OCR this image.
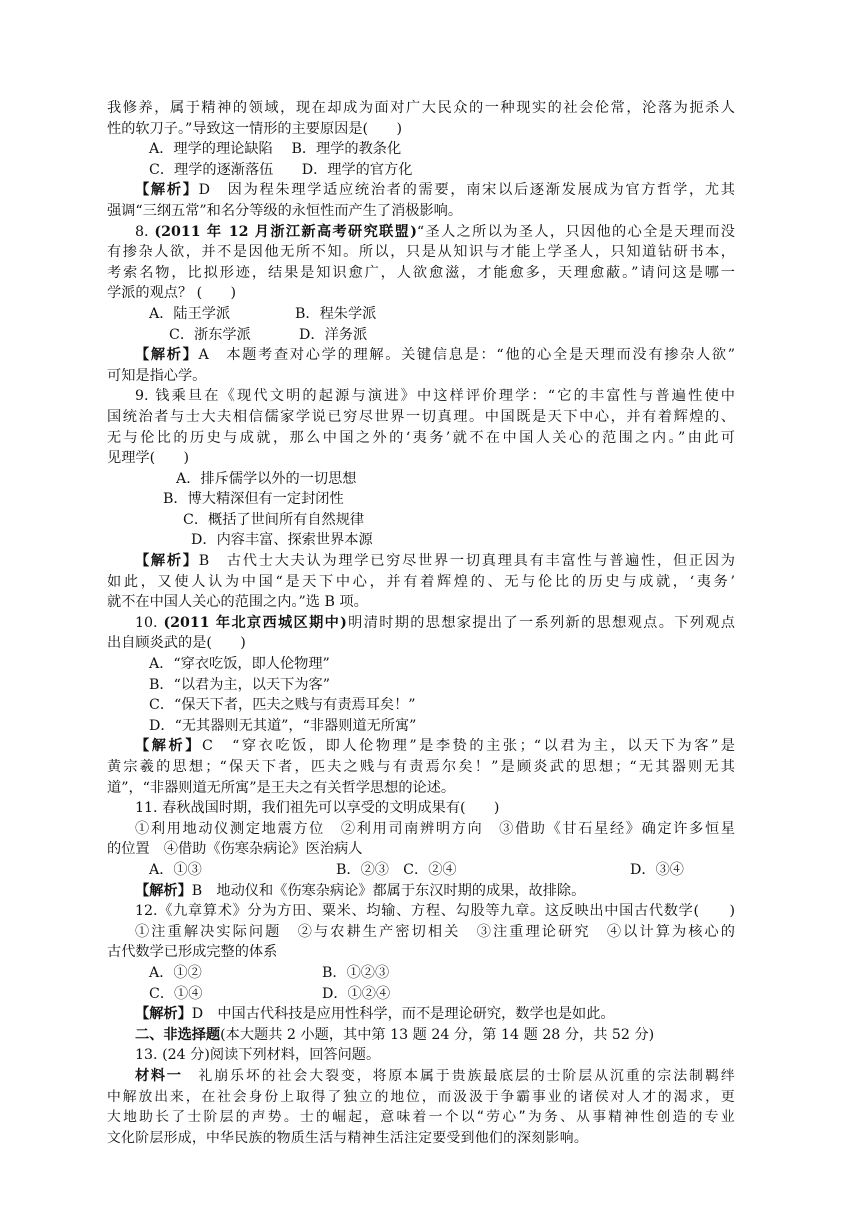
我修养，属于精神的领域，现在却成为面对广大民众的一种现实的社会伦常，沦落为扼杀人
性的软刀子。”导致这一情形的主要原因是(　　)
A．理学的理论缺陷　 B．理学的教条化
C．理学的逐渐落伍　　D．理学的官方化
【解析】D　 因为程朱理学适应统治者的需要，南宋以后逐渐发展成为官方哲学，尤其
强调“三纲五常”和名分等级的永恒性而产生了消极影响。
8. (2011 年 12 月浙江新高考研究联盟)“圣人之所以为圣人，只因他的心全是天理而没
有掺杂人欲，并不是因他无所不知。所以，只是从知识与才能上学圣人，只知道钻研书本，
考索名物，比拟形迹，结果是知识愈广，人欲愈滋，才能愈多，天理愈蔽。”请问这是哪一
学派的观点？ (　　)
A．陆王学派	B．程朱学派
C．浙东学派	D．洋务派
【解析】A　 本题考查对心学的理解。关键信息是：“他的心全是天理而没有掺杂人欲”
可知是指心学。
9. 钱乘旦在《现代文明的起源与演进》中这样评价理学：“它的丰富性与普遍性使中
国统治者与士大夫相信儒家学说已穷尽世界一切真理。中国既是天下中心，并有着辉煌的、
无与伦比的历史与成就，那么中国之外的‘夷务’就不在中国人关心的范围之内。”由此可
见理学(　　)
A．排斥儒学以外的一切思想
B．博大精深但有一定封闭性
C．概括了世间所有自然规律
D．内容丰富、探索世界本源
【解析】B　 古代士大夫认为理学已穷尽世界一切真理具有丰富性与普遍性，但正因为
如此，又使人认为中国“是天下中心，并有着辉煌的、无与伦比的历史与成就，‘夷务’
就不在中国人关心的范围之内。”选 B 项。
10. (2011 年北京西城区期中)明清时期的思想家提出了一系列新的思想观点。下列观点
出自顾炎武的是(　　)
A．“穿衣吃饭，即人伦物理”
B．“以君为主，以天下为客”
C．“保天下者，匹夫之贱与有责焉耳矣！”
D．“无其器则无其道”，“非器则道无所寓”
【解析】C　 “穿衣吃饭，即人伦物理”是李贽的主张；“以君为主，以天下为客”是
黄宗羲的思想；“保天下者，匹夫之贱与有责焉尔矣！”是顾炎武的思想；“无其器则无其
道”，“非器则道无所寓”是王夫之有关哲学思想的论述。
11. 春秋战国时期，我们祖先可以享受的文明成果有(　　)
①利用地动仪测定地震方位　②利用司南辨明方向　③借助《甘石星经》确定许多恒星
的位置　④借助《伤寒杂病论》医治病人
A．①③	B．②③　C．②④	D．③④
【解析】B　 地动仪和《伤寒杂病论》都属于东汉时期的成果，故排除。
12.《九章算术》分为方田、粟米、均输、方程、勾股等九章。这反映出中国古代数学(　　)
①注重解决实际问题　②与农耕生产密切相关　③注重理论研究　④以计算为核心的
古代数学已形成完整的体系
A．①②	B．①②③
C．①④	D．①②④
【解析】D　 中国古代科技是应用性科学，而不是理论研究，数学也是如此。
二、非选择题(本大题共 2 小题，其中第 13 题 24 分，第 14 题 28 分，共 52 分)
13. (24 分)阅读下列材料，回答问题。
材料一　 礼崩乐坏的社会大裂变，将原本属于贵族最底层的士阶层从沉重的宗法制羁绊
中解放出来，在社会身份上取得了独立的地位，而汲汲于争霸事业的诸侯对人才的渴求，更
大地助长了士阶层的声势。士的崛起，意味着一个以“劳心”为务、从事精神性创造的专业
文化阶层形成，中华民族的物质生活与精神生活注定要受到他们的深刻影响。
